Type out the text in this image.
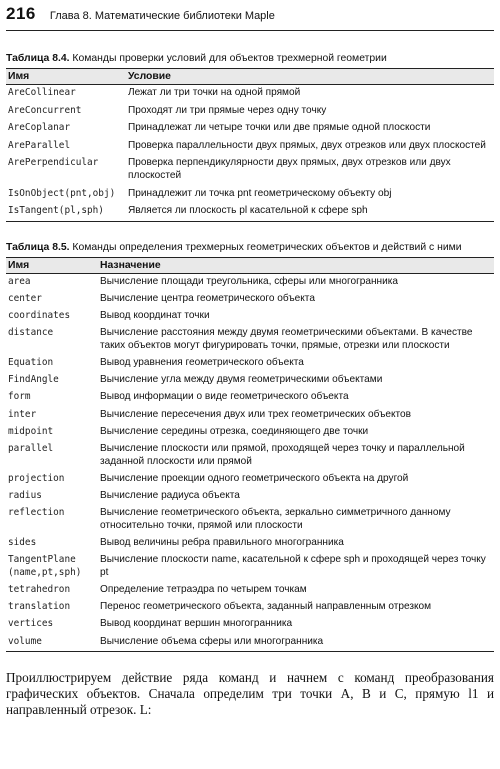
216 Глава 8. Математические библиотеки Maple
Таблица 8.4. Команды проверки условий для объектов трехмерной геометрии
Имя	Условие
AreCollinear	Лежат ли три точки на одной прямой
AreConcurrent	Проходят ли три прямые через одну точку
AreCoplanar	Принадлежат ли четыре точки или две прямые одной плоскости
AreParallel	Проверка параллельности двух прямых, двух отрезков или двух плоскостей
ArePerpendicular	Проверка перпендикулярности двух прямых, двух отрезков или двух плоскостей
IsOnObject(pnt,obj)	Принадлежит ли точка pnt геометрическому объекту obj
IsTangent(pl,sph)	Является ли плоскость pl касательной к сфере sph
Таблица 8.5. Команды определения трехмерных геометрических объектов и действий с ними
Имя	Назначение
area	Вычисление площади треугольника, сферы или многогранника
center	Вычисление центра геометрического объекта
coordinates	Вывод координат точки
distance	Вычисление расстояния между двумя геометрическими объектами. В качестве таких объектов могут фигурировать точки, прямые, отрезки или плоскости
Equation	Вывод уравнения геометрического объекта
FindAngle	Вычисление угла между двумя геометрическими объектами
form	Вывод информации о виде геометрического объекта
inter	Вычисление пересечения двух или трех геометрических объектов
midpoint	Вычисление середины отрезка, соединяющего две точки
parallel	Вычисление плоскости или прямой, проходящей через точку и параллельной заданной плоскости или прямой
projection	Вычисление проекции одного геометрического объекта на другой
radius	Вычисление радиуса объекта
reflection	Вычисление геометрического объекта, зеркально симметричного данному относительно точки, прямой или плоскости
sides	Вывод величины ребра правильного многогранника
TangentPlane (name,pt,sph)	Вычисление плоскости name, касательной к сфере sph и проходящей через точку pt
tetrahedron	Определение тетраэдра по четырем точкам
translation	Перенос геометрического объекта, заданный направленным отрезком
vertices	Вывод координат вершин многогранника
volume	Вычисление объема сферы или многогранника
Проиллюстрируем действие ряда команд и начнем с команд преобразования графических объектов. Сначала определим три точки A, B и C, прямую l1 и направленный отрезок. L:
